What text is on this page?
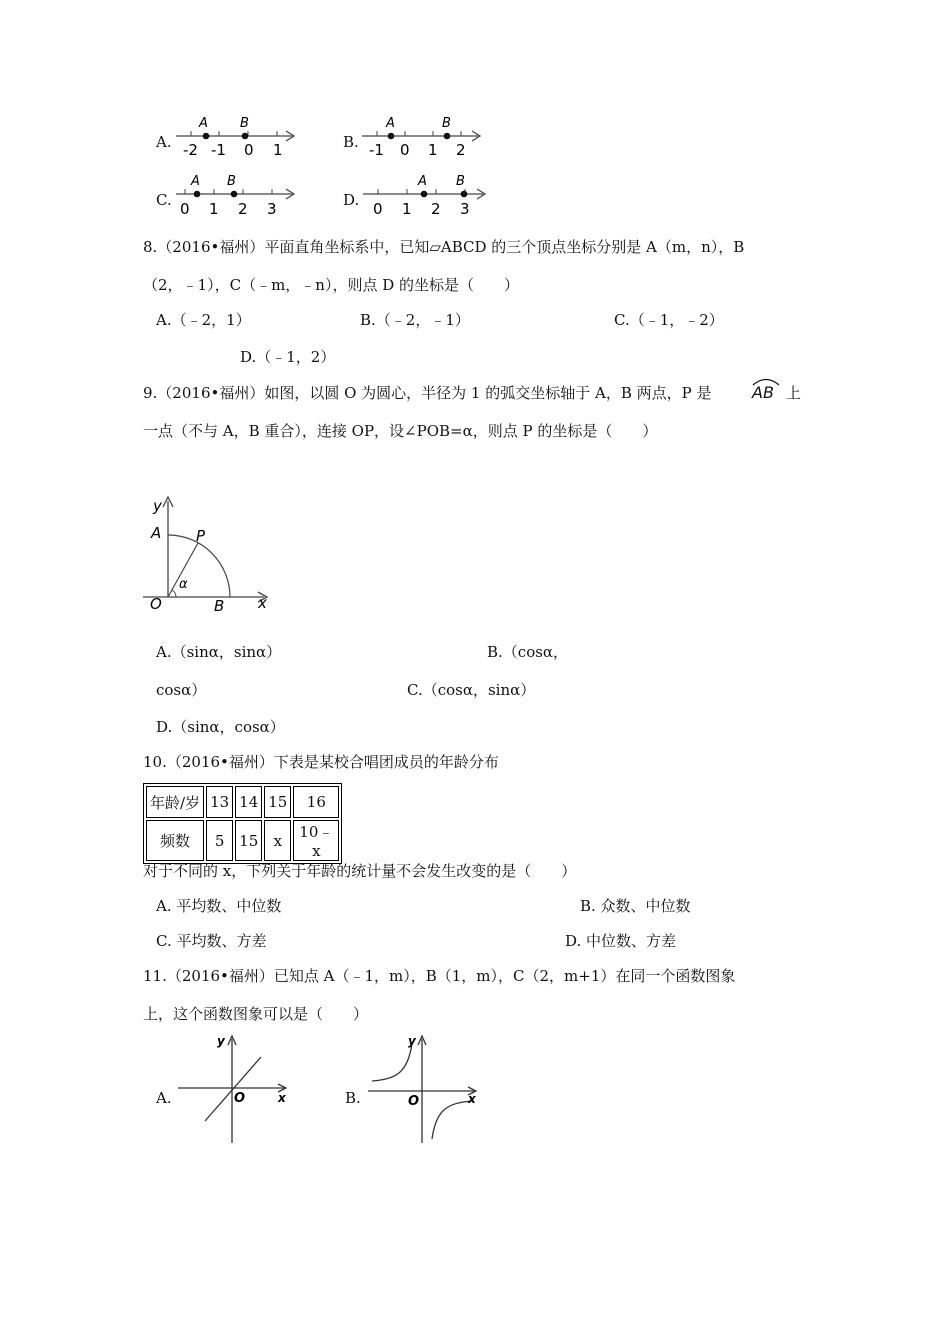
A.
A B
-2 -1 0 1	B.
A	B
-1 0 1 2
C.
A B
0 1 2 3	D.
A B
0 1 2 3
8.（2016•福州）平面直角坐标系中，已知▱ABCD 的三个顶点坐标分别是 A（m，n），B
（2，﹣1），C（﹣m，﹣n），则点 D 的坐标是（　　）
A.（﹣2，1）	B.（﹣2，﹣1）	C.（﹣1，﹣2）
D.（﹣1，2）
9.（2016•福州）如图，以圆 O 为圆心，半径为 1 的弧交坐标轴于 A，B 两点，P 是	AB 上
一点（不与 A，B 重合），连接 OP，设∠POB=α，则点 P 的坐标是（　　）
y
A P
α
O	B x
A.（sinα，sinα）	B.（cosα，
cosα）	C.（cosα，sinα）
D.（sinα，cosα）
10.（2016•福州）下表是某校合唱团成员的年龄分布
年龄/岁	13	14	15	16
频数	5	15	x	10﹣x
对于不同的 x，下列关于年龄的统计量不会发生改变的是（　　）
A. 平均数、中位数	B. 众数、中位数
C. 平均数、方差	D. 中位数、方差
11.（2016•福州）已知点 A（﹣1，m），B（1，m），C（2，m+1）在同一个函数图象
上，这个函数图象可以是（　　）
A.
y
O	x	B.
y
O	x
